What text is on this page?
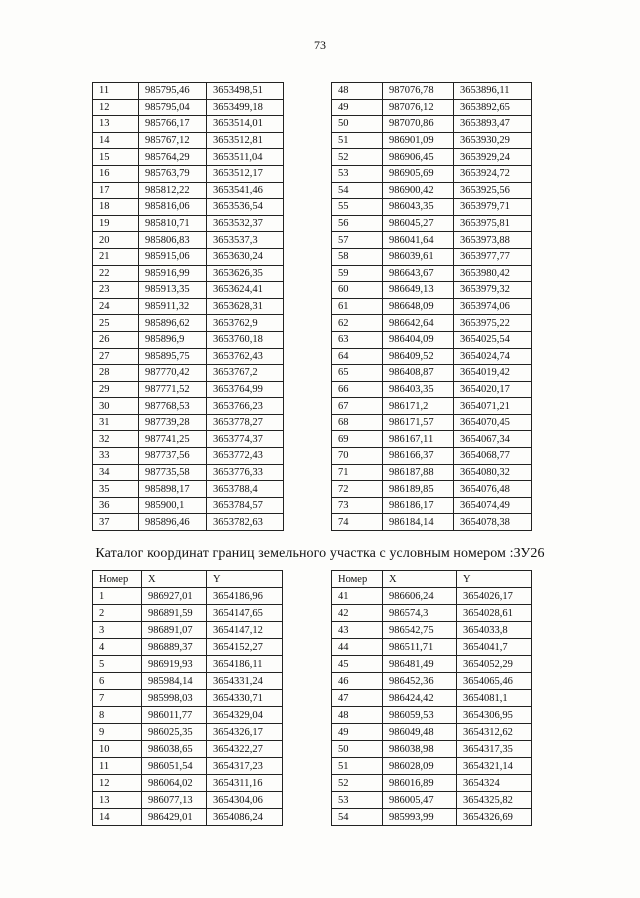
73
11	985795,46	3653498,51
12	985795,04	3653499,18
13	985766,17	3653514,01
14	985767,12	3653512,81
15	985764,29	3653511,04
16	985763,79	3653512,17
17	985812,22	3653541,46
18	985816,06	3653536,54
19	985810,71	3653532,37
20	985806,83	3653537,3
21	985915,06	3653630,24
22	985916,99	3653626,35
23	985913,35	3653624,41
24	985911,32	3653628,31
25	985896,62	3653762,9
26	985896,9	3653760,18
27	985895,75	3653762,43
28	987770,42	3653767,2
29	987771,52	3653764,99
30	987768,53	3653766,23
31	987739,28	3653778,27
32	987741,25	3653774,37
33	987737,56	3653772,43
34	987735,58	3653776,33
35	985898,17	3653788,4
36	985900,1	3653784,57
37	985896,46	3653782,63
48	987076,78	3653896,11
49	987076,12	3653892,65
50	987070,86	3653893,47
51	986901,09	3653930,29
52	986906,45	3653929,24
53	986905,69	3653924,72
54	986900,42	3653925,56
55	986043,35	3653979,71
56	986045,27	3653975,81
57	986041,64	3653973,88
58	986039,61	3653977,77
59	986643,67	3653980,42
60	986649,13	3653979,32
61	986648,09	3653974,06
62	986642,64	3653975,22
63	986404,09	3654025,54
64	986409,52	3654024,74
65	986408,87	3654019,42
66	986403,35	3654020,17
67	986171,2	3654071,21
68	986171,57	3654070,45
69	986167,11	3654067,34
70	986166,37	3654068,77
71	986187,88	3654080,32
72	986189,85	3654076,48
73	986186,17	3654074,49
74	986184,14	3654078,38
Каталог координат границ земельного участка с условным номером :ЗУ26
Номер	X	Y
1	986927,01	3654186,96
2	986891,59	3654147,65
3	986891,07	3654147,12
4	986889,37	3654152,27
5	986919,93	3654186,11
6	985984,14	3654331,24
7	985998,03	3654330,71
8	986011,77	3654329,04
9	986025,35	3654326,17
10	986038,65	3654322,27
11	986051,54	3654317,23
12	986064,02	3654311,16
13	986077,13	3654304,06
14	986429,01	3654086,24
Номер	X	Y
41	986606,24	3654026,17
42	986574,3	3654028,61
43	986542,75	3654033,8
44	986511,71	3654041,7
45	986481,49	3654052,29
46	986452,36	3654065,46
47	986424,42	3654081,1
48	986059,53	3654306,95
49	986049,48	3654312,62
50	986038,98	3654317,35
51	986028,09	3654321,14
52	986016,89	3654324
53	986005,47	3654325,82
54	985993,99	3654326,69
